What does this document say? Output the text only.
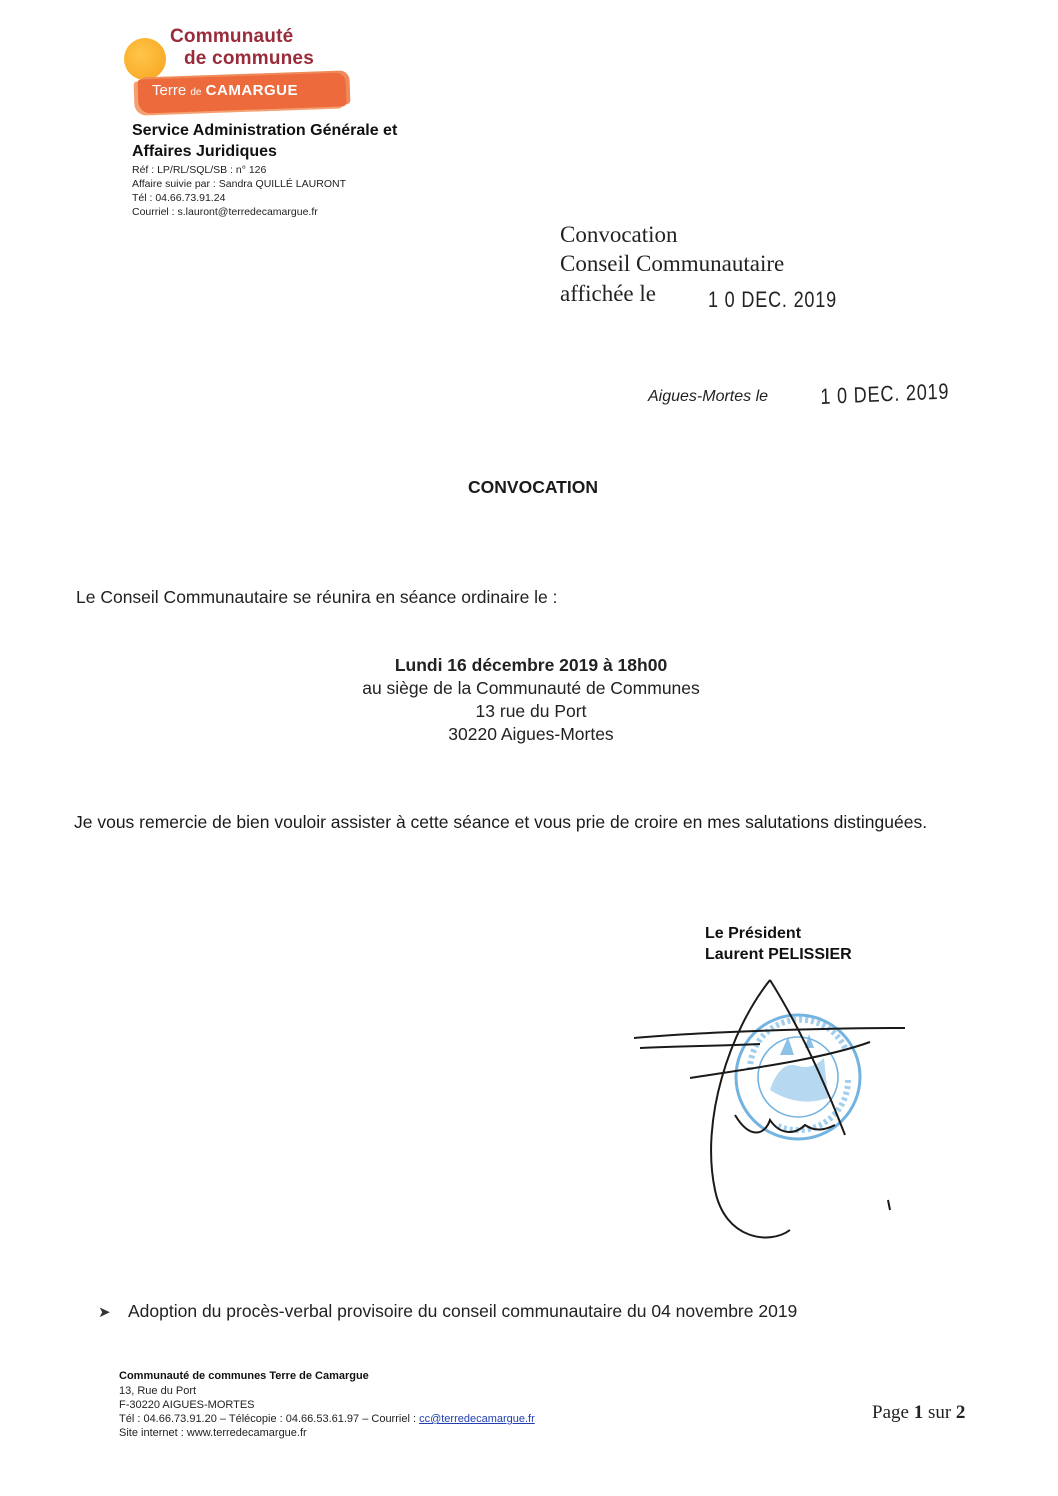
Communauté
de communes
Terre de CAMARGUE
Service Administration Générale et
Affaires Juridiques
Réf : LP/RL/SQL/SB : n° 126
Affaire suivie par : Sandra QUILLÉ LAURONT
Tél : 04.66.73.91.24
Courriel : s.lauront@terredecamargue.fr
Convocation
Conseil Communautaire
affichée le 1 0 DEC. 2019
Aigues-Mortes le 1 0 DEC. 2019
CONVOCATION
Le Conseil Communautaire se réunira en séance ordinaire le :
Lundi 16 décembre 2019 à 18h00
au siège de la Communauté de Communes
13 rue du Port
30220 Aigues-Mortes
Je vous remercie de bien vouloir assister à cette séance et vous prie de croire en mes salutations distinguées.
Le Président
Laurent PELISSIER
➤ Adoption du procès-verbal provisoire du conseil communautaire du 04 novembre 2019
Communauté de communes Terre de Camargue
13, Rue du Port
F-30220 AIGUES-MORTES
Tél : 04.66.73.91.20 – Télécopie : 04.66.53.61.97 – Courriel : cc@terredecamargue.fr
Site internet : www.terredecamargue.fr
Page 1 sur 2
